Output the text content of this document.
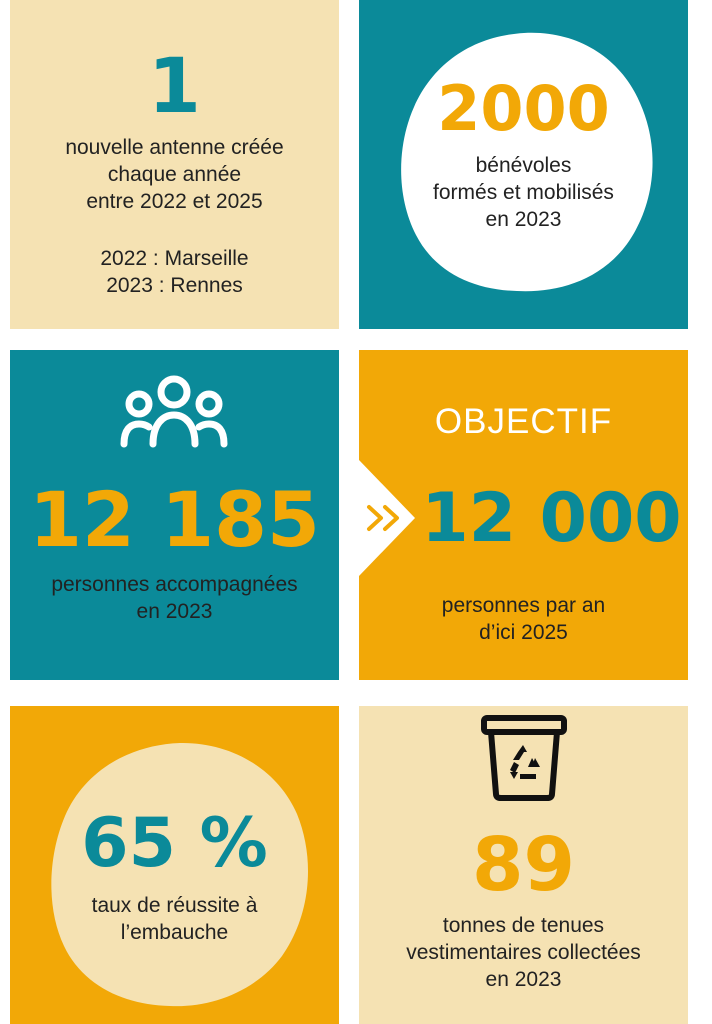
1
nouvelle antenne créée
chaque année
entre 2022 et 2025
2022 : Marseille
2023 : Rennes
2000
bénévoles
formés et mobilisés
en 2023
12 185
personnes accompagnées
en 2023
OBJECTIF
12 000
personnes par an
d’ici 2025
65 %
taux de réussite à
l’embauche
89
tonnes de tenues
vestimentaires collectées
en 2023
